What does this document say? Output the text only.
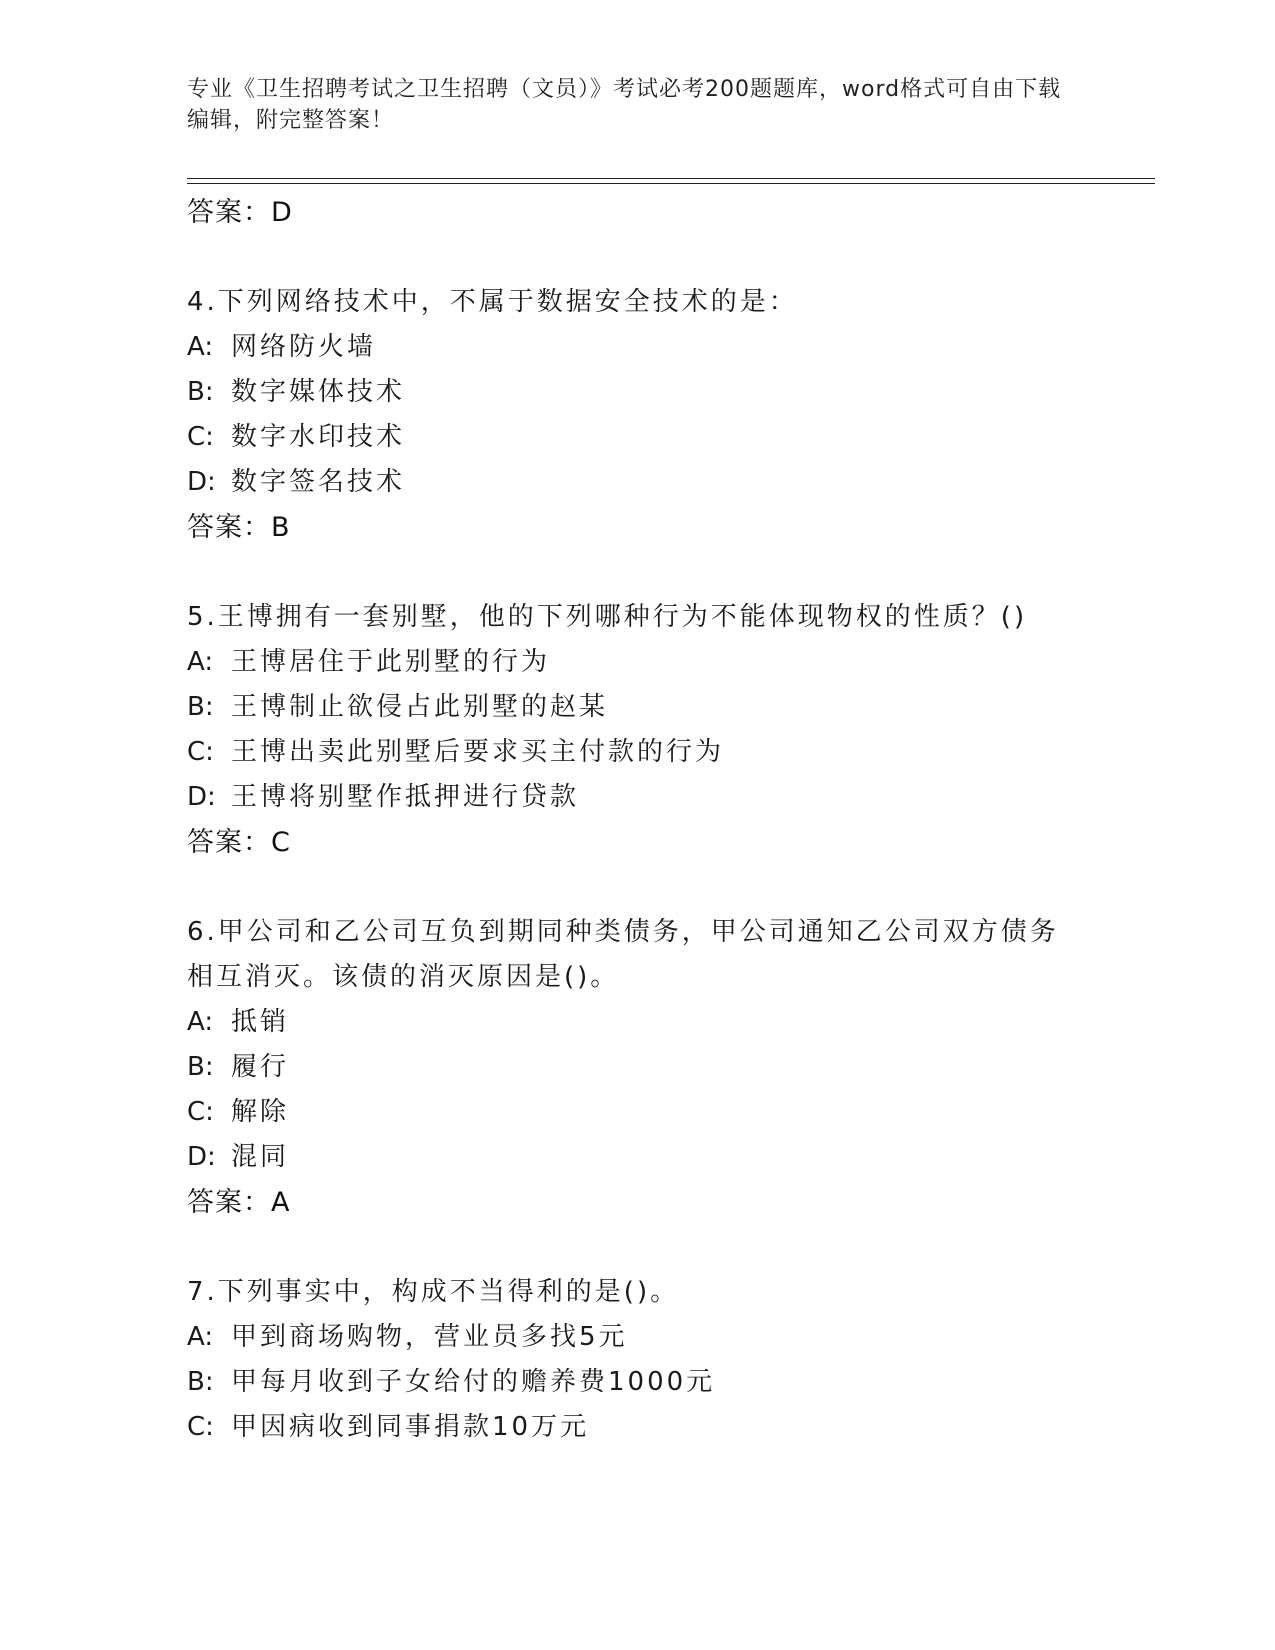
专业《卫生招聘考试之卫生招聘（文员）》考试必考200题题库，word格式可自由下载编辑，附完整答案！
答案：D
4.下列网络技术中，不属于数据安全技术的是：
A: 网络防火墙
B: 数字媒体技术
C: 数字水印技术
D: 数字签名技术
答案：B
5.王博拥有一套别墅，他的下列哪种行为不能体现物权的性质？()
A: 王博居住于此别墅的行为
B: 王博制止欲侵占此别墅的赵某
C: 王博出卖此别墅后要求买主付款的行为
D: 王博将别墅作抵押进行贷款
答案：C
6.甲公司和乙公司互负到期同种类债务，甲公司通知乙公司双方债务相互消灭。该债的消灭原因是()。
A: 抵销
B: 履行
C: 解除
D: 混同
答案：A
7.下列事实中，构成不当得利的是()。
A: 甲到商场购物，营业员多找5元
B: 甲每月收到子女给付的赡养费1000元
C: 甲因病收到同事捐款10万元
